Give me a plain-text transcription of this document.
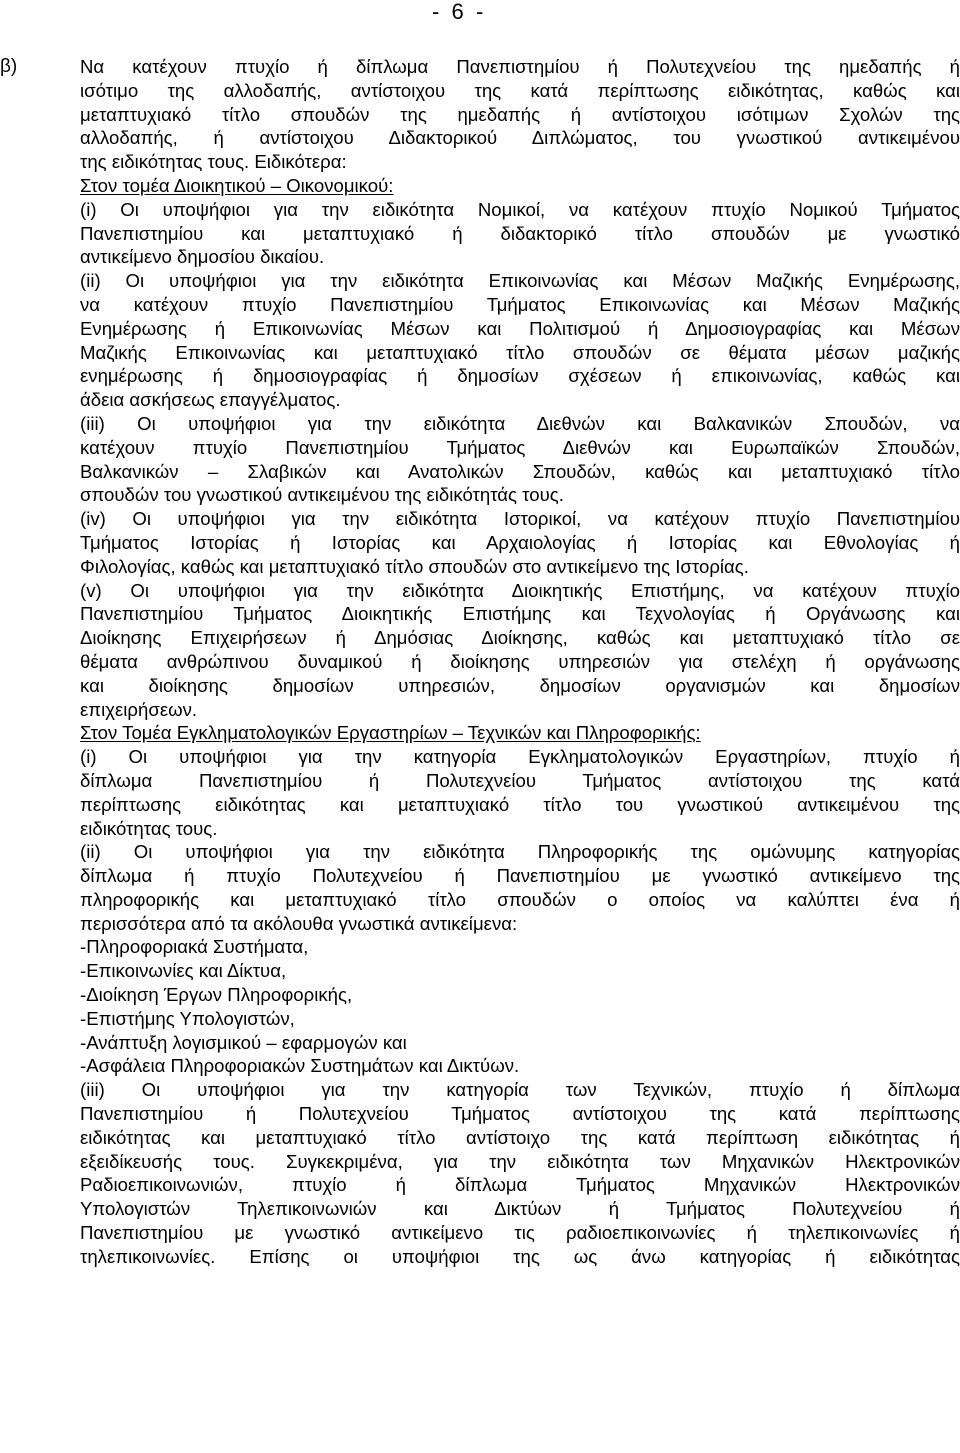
-  6  -
β)	Να κατέχουν πτυχίο ή δίπλωμα Πανεπιστημίου ή Πολυτεχνείου της ημεδαπής ή
ισότιμο της αλλοδαπής, αντίστοιχου της κατά περίπτωσης ειδικότητας, καθώς και
μεταπτυχιακό τίτλο σπουδών της ημεδαπής ή αντίστοιχου ισότιμων Σχολών της
αλλοδαπής, ή αντίστοιχου Διδακτορικού Διπλώματος, του γνωστικού αντικειμένου
της ειδικότητας τους. Ειδικότερα:
Στον τομέα Διοικητικού – Οικονομικού:
(i) Οι υποψήφιοι για την ειδικότητα Νομικοί, να κατέχουν πτυχίο Νομικού Τμήματος
Πανεπιστημίου και μεταπτυχιακό ή διδακτορικό τίτλο σπουδών με γνωστικό
αντικείμενο δημοσίου δικαίου.
(ii) Οι υποψήφιοι για την ειδικότητα Επικοινωνίας και Μέσων Μαζικής Ενημέρωσης,
να κατέχουν πτυχίο Πανεπιστημίου Τμήματος Επικοινωνίας και Μέσων Μαζικής
Ενημέρωσης ή Επικοινωνίας Μέσων και Πολιτισμού ή Δημοσιογραφίας και Μέσων
Μαζικής Επικοινωνίας και μεταπτυχιακό τίτλο σπουδών σε θέματα μέσων μαζικής
ενημέρωσης ή δημοσιογραφίας ή δημοσίων σχέσεων ή επικοινωνίας, καθώς και
άδεια ασκήσεως επαγγέλματος.
(iii) Οι υποψήφιοι για την ειδικότητα Διεθνών και Βαλκανικών Σπουδών, να
κατέχουν πτυχίο Πανεπιστημίου Τμήματος Διεθνών και Ευρωπαϊκών Σπουδών,
Βαλκανικών – Σλαβικών και Ανατολικών Σπουδών, καθώς και μεταπτυχιακό τίτλο
σπουδών του γνωστικού αντικειμένου της ειδικότητάς τους.
(iv) Οι υποψήφιοι για την ειδικότητα Ιστορικοί, να κατέχουν πτυχίο Πανεπιστημίου
Τμήματος Ιστορίας ή Ιστορίας και Αρχαιολογίας ή Ιστορίας και Εθνολογίας ή
Φιλολογίας, καθώς και μεταπτυχιακό τίτλο σπουδών στο αντικείμενο της Ιστορίας.
(v) Οι υποψήφιοι για την ειδικότητα Διοικητικής Επιστήμης, να κατέχουν πτυχίο
Πανεπιστημίου Τμήματος Διοικητικής Επιστήμης και Τεχνολογίας ή Οργάνωσης και
Διοίκησης Επιχειρήσεων ή Δημόσιας Διοίκησης, καθώς και μεταπτυχιακό τίτλο σε
θέματα ανθρώπινου δυναμικού ή διοίκησης υπηρεσιών για στελέχη ή οργάνωσης
και διοίκησης δημοσίων υπηρεσιών, δημοσίων οργανισμών και δημοσίων
επιχειρήσεων.
Στον Τομέα Εγκληματολογικών Εργαστηρίων – Τεχνικών και Πληροφορικής:
(i) Οι υποψήφιοι για την κατηγορία Εγκληματολογικών Εργαστηρίων, πτυχίο ή
δίπλωμα Πανεπιστημίου ή Πολυτεχνείου Τμήματος αντίστοιχου της κατά
περίπτωσης ειδικότητας και μεταπτυχιακό τίτλο του γνωστικού αντικειμένου της
ειδικότητας τους.
(ii) Οι υποψήφιοι για την ειδικότητα Πληροφορικής της ομώνυμης κατηγορίας
δίπλωμα ή πτυχίο Πολυτεχνείου ή Πανεπιστημίου με γνωστικό αντικείμενο της
πληροφορικής και μεταπτυχιακό τίτλο σπουδών ο οποίος να καλύπτει ένα ή
περισσότερα από τα ακόλουθα γνωστικά αντικείμενα:
-Πληροφοριακά Συστήματα,
-Επικοινωνίες και Δίκτυα,
-Διοίκηση Έργων Πληροφορικής,
-Επιστήμης Υπολογιστών,
-Ανάπτυξη λογισμικού – εφαρμογών και
-Ασφάλεια Πληροφοριακών Συστημάτων και Δικτύων.
(iii) Οι υποψήφιοι για την κατηγορία των Τεχνικών, πτυχίο ή δίπλωμα
Πανεπιστημίου ή Πολυτεχνείου Τμήματος αντίστοιχου της κατά περίπτωσης
ειδικότητας και μεταπτυχιακό τίτλο αντίστοιχο της κατά περίπτωση ειδικότητας ή
εξειδίκευσής τους. Συγκεκριμένα, για την ειδικότητα των Μηχανικών Ηλεκτρονικών
Ραδιοεπικοινωνιών, πτυχίο ή δίπλωμα Τμήματος Μηχανικών Ηλεκτρονικών
Υπολογιστών Τηλεπικοινωνιών και Δικτύων ή Τμήματος Πολυτεχνείου ή
Πανεπιστημίου με γνωστικό αντικείμενο τις ραδιοεπικοινωνίες ή τηλεπικοινωνίες ή
τηλεπικοινωνίες. Επίσης οι υποψήφιοι της ως άνω κατηγορίας ή ειδικότητας
